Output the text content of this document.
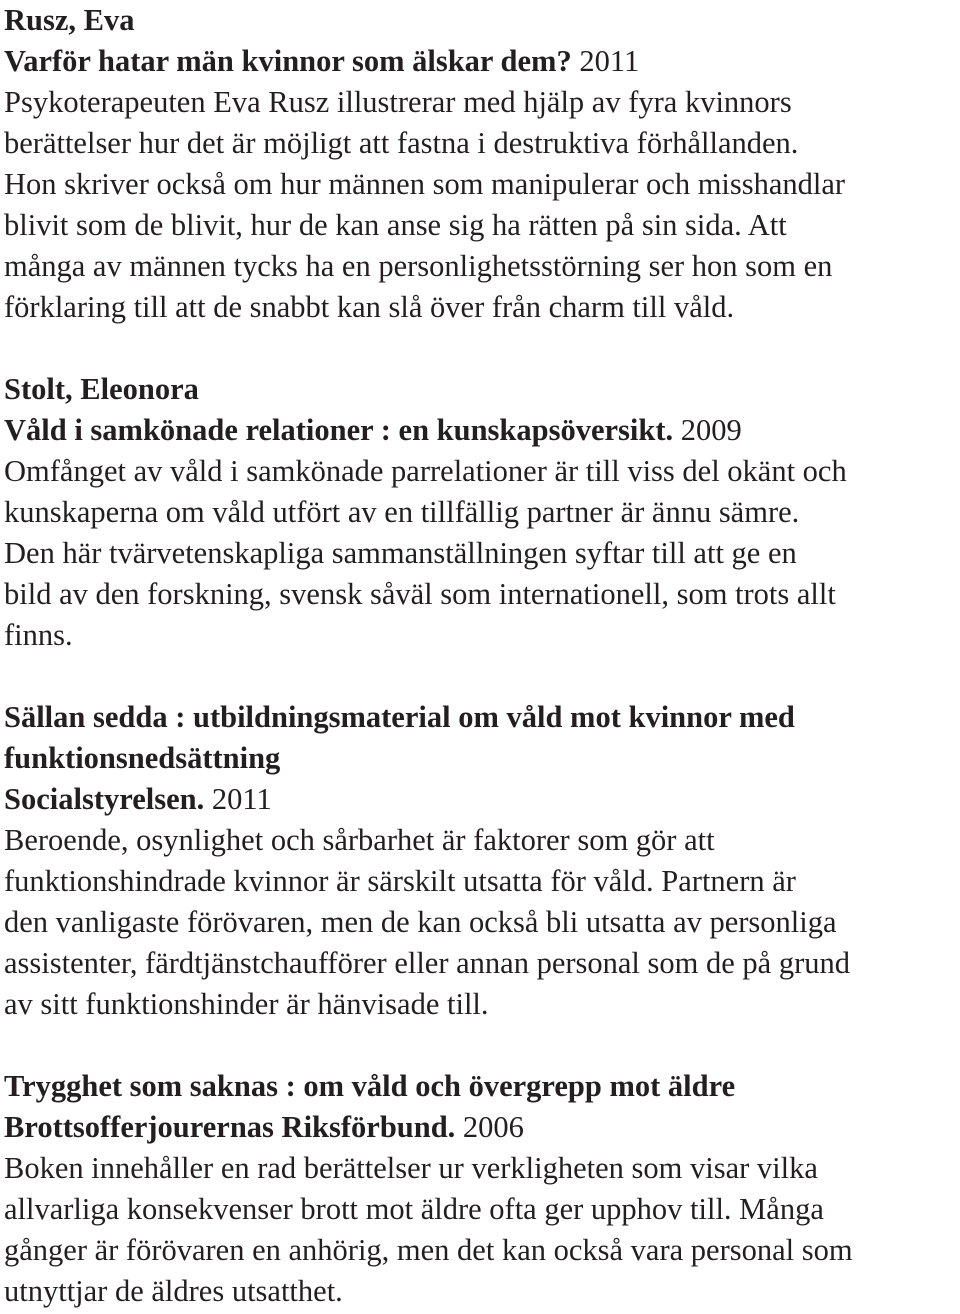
Rusz, Eva
Varför hatar män kvinnor som älskar dem? 2011
Psykoterapeuten Eva Rusz illustrerar med hjälp av fyra kvinnors
berättelser hur det är möjligt att fastna i destruktiva förhållanden.
Hon skriver också om hur männen som manipulerar och misshandlar
blivit som de blivit, hur de kan anse sig ha rätten på sin sida. Att
många av männen tycks ha en personlighetsstörning ser hon som en
förklaring till att de snabbt kan slå över från charm till våld.
Stolt, Eleonora
Våld i samkönade relationer : en kunskapsöversikt. 2009
Omfånget av våld i samkönade parrelationer är till viss del okänt och
kunskaperna om våld utfört av en tillfällig partner är ännu sämre.
Den här tvärvetenskapliga sammanställningen syftar till att ge en
bild av den forskning, svensk såväl som internationell, som trots allt
finns.
Sällan sedda : utbildningsmaterial om våld mot kvinnor med
funktionsnedsättning
Socialstyrelsen. 2011
Beroende, osynlighet och sårbarhet är faktorer som gör att
funktionshindrade kvinnor är särskilt utsatta för våld. Partnern är
den vanligaste förövaren, men de kan också bli utsatta av personliga
assistenter, färdtjänstchaufförer eller annan personal som de på grund
av sitt funktionshinder är hänvisade till.
Trygghet som saknas : om våld och övergrepp mot äldre
Brottsofferjourernas Riksförbund. 2006
Boken innehåller en rad berättelser ur verkligheten som visar vilka
allvarliga konsekvenser brott mot äldre ofta ger upphov till. Många
gånger är förövaren en anhörig, men det kan också vara personal som
utnyttjar de äldres utsatthet.
